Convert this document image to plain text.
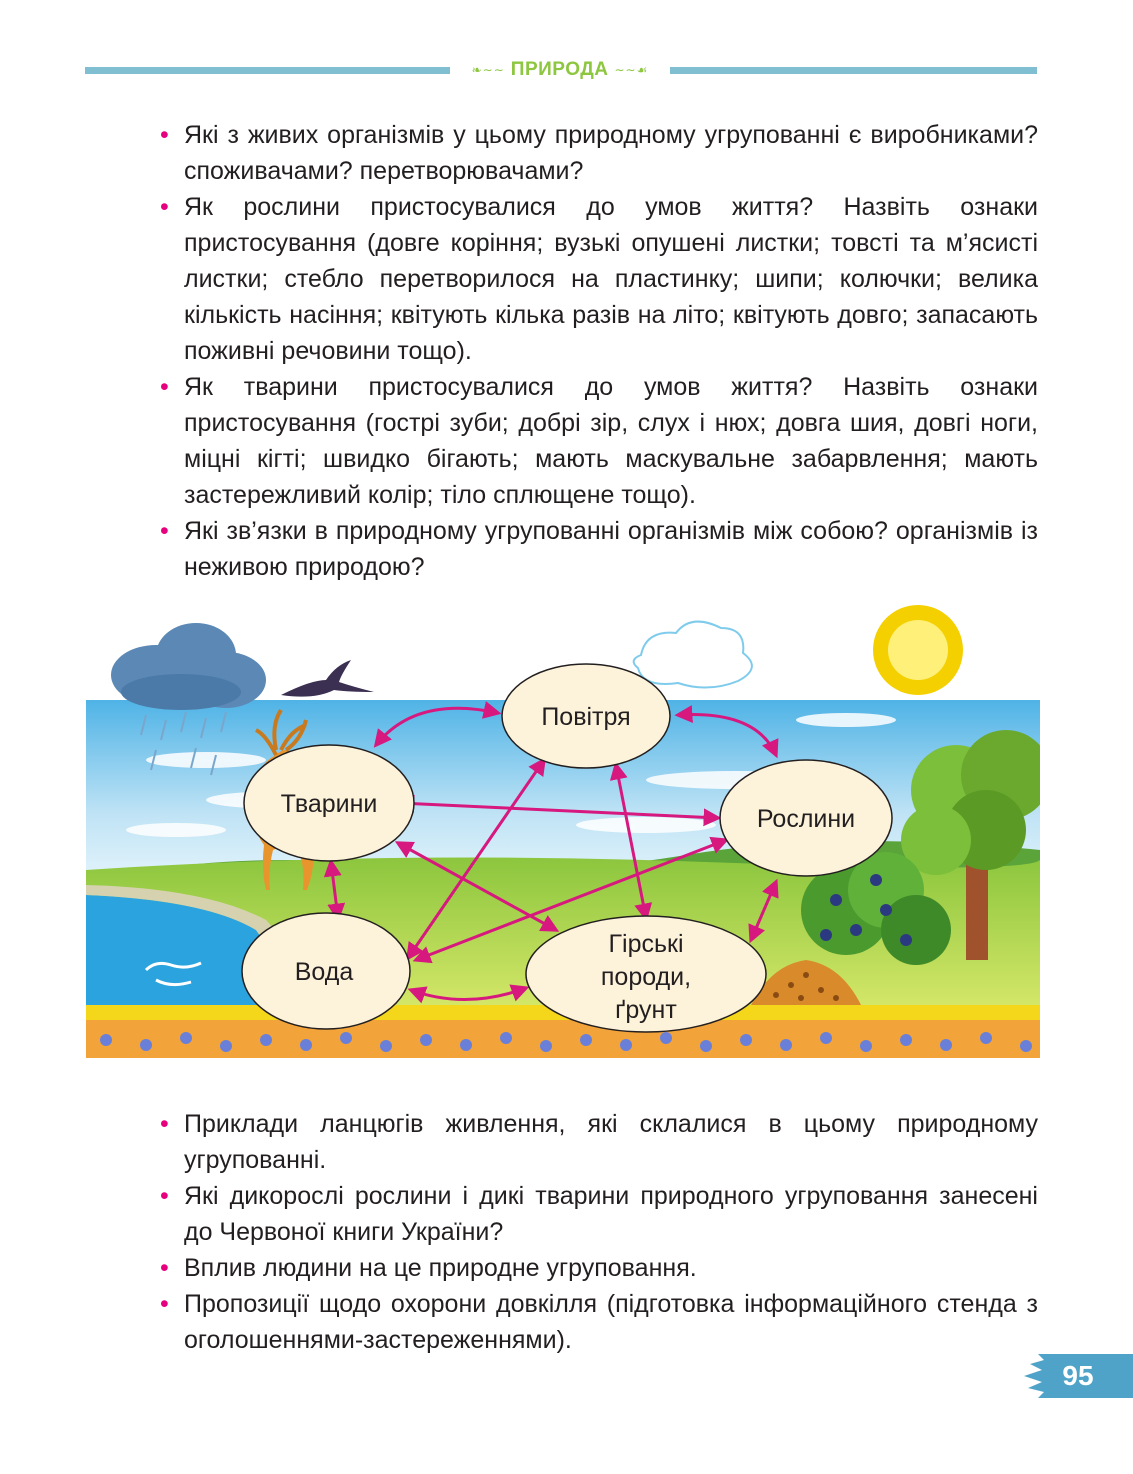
❧∼∼ ПРИРОДА ∼∼☙
• Які з живих організмів у цьому природному угрупованні є виробниками? споживачами? перетворювачами?
• Як рослини пристосувалися до умов життя? Назвіть ознаки пристосування (довге коріння; вузькі опушені листки; товсті та м’ясисті листки; стебло перетворилося на пластинку; шипи; колючки; велика кількість насіння; квітують кілька разів на літо; квітують довго; запасають поживні речовини тощо).
• Як тварини пристосувалися до умов життя? Назвіть ознаки пристосування (гострі зуби; добрі зір, слух і нюх; довга шия, довгі ноги, міцні кігті; швидко бігають; мають маскувальне забарвлення; мають застережливий колір; тіло сплющене тощо).
• Які зв’язки в природному угрупованні організмів між собою? організмів із неживою природою?
Повітря
Тварини
Рослини
Вода
Гірські
породи,
ґрунт
• Приклади ланцюгів живлення, які склалися в цьому природному угрупованні.
• Які дикорослі рослини і дикі тварини природного угруповання занесені до Червоної книги України?
• Вплив людини на це природне угруповання.
• Пропозиції щодо охорони довкілля (підготовка інформаційного стенда з оголошеннями-застереженнями).
95
